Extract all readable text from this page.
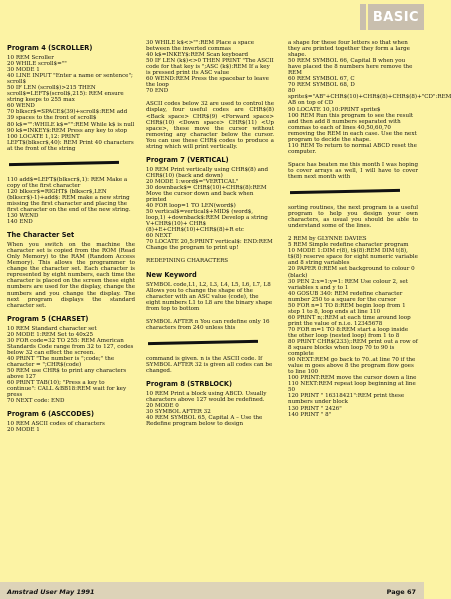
BASIC
Program 4 (SCROLLER)
10 REM Scroller
20 WHILE scroll$=""
30 MODE 1
40 LINE INPUT "Enter a name or sentence"; scroll$
50 IF LEN (scroll$)>215 THEN scroll$=LEFT$(scroll$,215): REM ensure string keeps to 255 max
60 WEND
70 blkscr$=SPACE$(39)+scroll$:REM add 39 spaces to the front of scroll$
80 k$="":WHILE k$="":REM While k$ is null
90 k$=INKEY$:REM Press any key to stop
100 LOCATE 1,12: PRINT LEFT$(blkscr$,40): REM Print 40 characters at the front of the string
110 add$=LEFT$(blkscr$,1): REM Make a copy of the first character
120 blkscr$=RIGHT$ (blkscr$,LEN (blkscr$)-1)+add$: REM make a new string missing the first character and placing the first character on the end of the new string.
130 WEND
140 END
The Character Set
When you switch on the machine the character set is copied from the ROM (Read Only Memory) to the RAM (Random Access Memory). This allows the programmer to change the character set. Each character is represented by eight numbers, each time the character is placed on the screen these eight numbers are used for the display, change the numbers and you change the display. The next program displays the standard character set.
Program 5 (CHARSET)
10 REM Standard character set
20 MODE 1:REM Set to 40x25
30 FOR code=32 TO 255: REM American Standards Code range from 32 to 127, codes below 32 can effect the screen.
40 PRINT "The number is ";code;" the character = ";CHR$(code)
50 REM use CHR$ to print any characters above 127
60 PRINT TAB(10); "Press a key to continue": CALL &BB18:REM wait for key press
70 NEXT code: END
Program 6 (ASCCODES)
10 REM ASCII codes of characters
20 MODE 1
30 WHILE k$<>"":REM Place a space between the inverted commas
40 k$=INKEY$:REM Scan keyboard
50 IF LEN (k$)<>0 THEN PRINT "The ASCII code for that key is ";ASC (k$):REM If a key is pressed print its ASC value
60 WEND:REM Press the spacebar to leave the loop
70 END
ASCII codes below 32 are used to control the display, four useful codes are CHR$(8) <Back space> CHR$(9) <Forward space> CHR$(10) <Down space> CHR$(11) <Up space>, these move the cursor without removing any character below the cursor. You can use these CHR$ codes to produce a string which will print vertically.
Program 7 (VERTICAL)
10 REM Print vertically using CHR$(8) and CHR$(10) (back and down)
20 MODE 1:word$="VERTICAL"
30 downback$= CHR$(10)+CHR$(8):REM Move the cursor down and back when printed
40 FOR loop=1 TO LEN(word$)
50 vertical$=vertical$+MID$ (word$, loop,1) +downback$:REM Develop a string V+CHR$(10)+ CHR$ (8)+E+CHR$(10)+CHR$(8)+R etc
60 NEXT
70 LOCATE 20,5:PRINT vertical$: END:REM Change the program to print up!
REDEFINING CHARACTERS
New Keyword
SYMBOL code,L1, L2, L3, L4, L5, L6, L7, L8
Allows you to change the shape of the character with an ASC value (code), the eight numbers L1 to L8 are the binary shape from top to bottom
SYMBOL AFTER n You can redefine only 16 characters from 240 unless this
command is given. n is the ASCII code. If SYMBOL AFTER 32 is given all codes can be changed.
Program 8 (STRBLOCK)
10 REM Print a block using ABCD. Usually characters above 127 would be redefined.
20 MODE 0
30 SYMBOL AFTER 32
40 REM SYMBOL 65, Capital A – Use the Redefine program below to design
a shape for these four letters so that when they are printed together they form a large shape.
50 REM SYMBOL 66, Capital B when you have placed the 8 numbers here remove the REM
60 REM SYMBOL 67, C
70 REM SYMBOL 68, D
80 sprite$="AB"+CHR$(10)+CHR$(8)+CHR$(8)+"CD":REM AB on top of CD
90 LOCATE 10,10:PRINT sprite$
100 REM Run this program to see the result and then add 8 numbers separated with commas to each of lines 40,50,60,70 removing the REM in each case. Use the next program to decide the shape.
110 REM To return to normal ABCD reset the computer.
Space has beaten me this month I was hoping to cover arrays as well, I will have to cover them next month with
sorting routines, the next program is a useful program to help you design your own characters, as usual you should be able to understand some of the lines.
2 REM by GLYNNE DAVIES
5 REM Simple redefine character program
10 MODE 1:DIM r(8), t$(8):REM DIM t(8), t$(8) reserve space for eight numeric variable and 8 string variables
20 PAPER 0:REM set background to colour 0 (black)
30 PEN 2:x=1:y=1: REM Use colour 2, set variables x and y to 1
40 GOSUB 340: REM redefine character number 250 to a square for the cursor
50 FOR n=1 TO 8:REM begin loop from 1 step 1 to 8, loop ends at line 110
60 PRINT n;:REM at each time around loop print the value of n.i.e. 12345678
70 FOR m=1 TO 8:REM start a loop inside the other loop (nested loop) from 1 to 8
80 PRINT CHR$(233);:REM print out a row of 8 square blocks when loop 70 to 90 is complete
90 NEXT:REM go back to 70..at line 70 if the value m goes above 8 the program flow goes to line 100
100 PRINT:REM move the cursor down a line
110 NEXT:REM repeat loop beginning at line 50
120 PRINT " 16318421":REM print these numbers under block
130 PRINT " 2426"
140 PRINT " 8"
Amstrad User May 1991	Page 67
